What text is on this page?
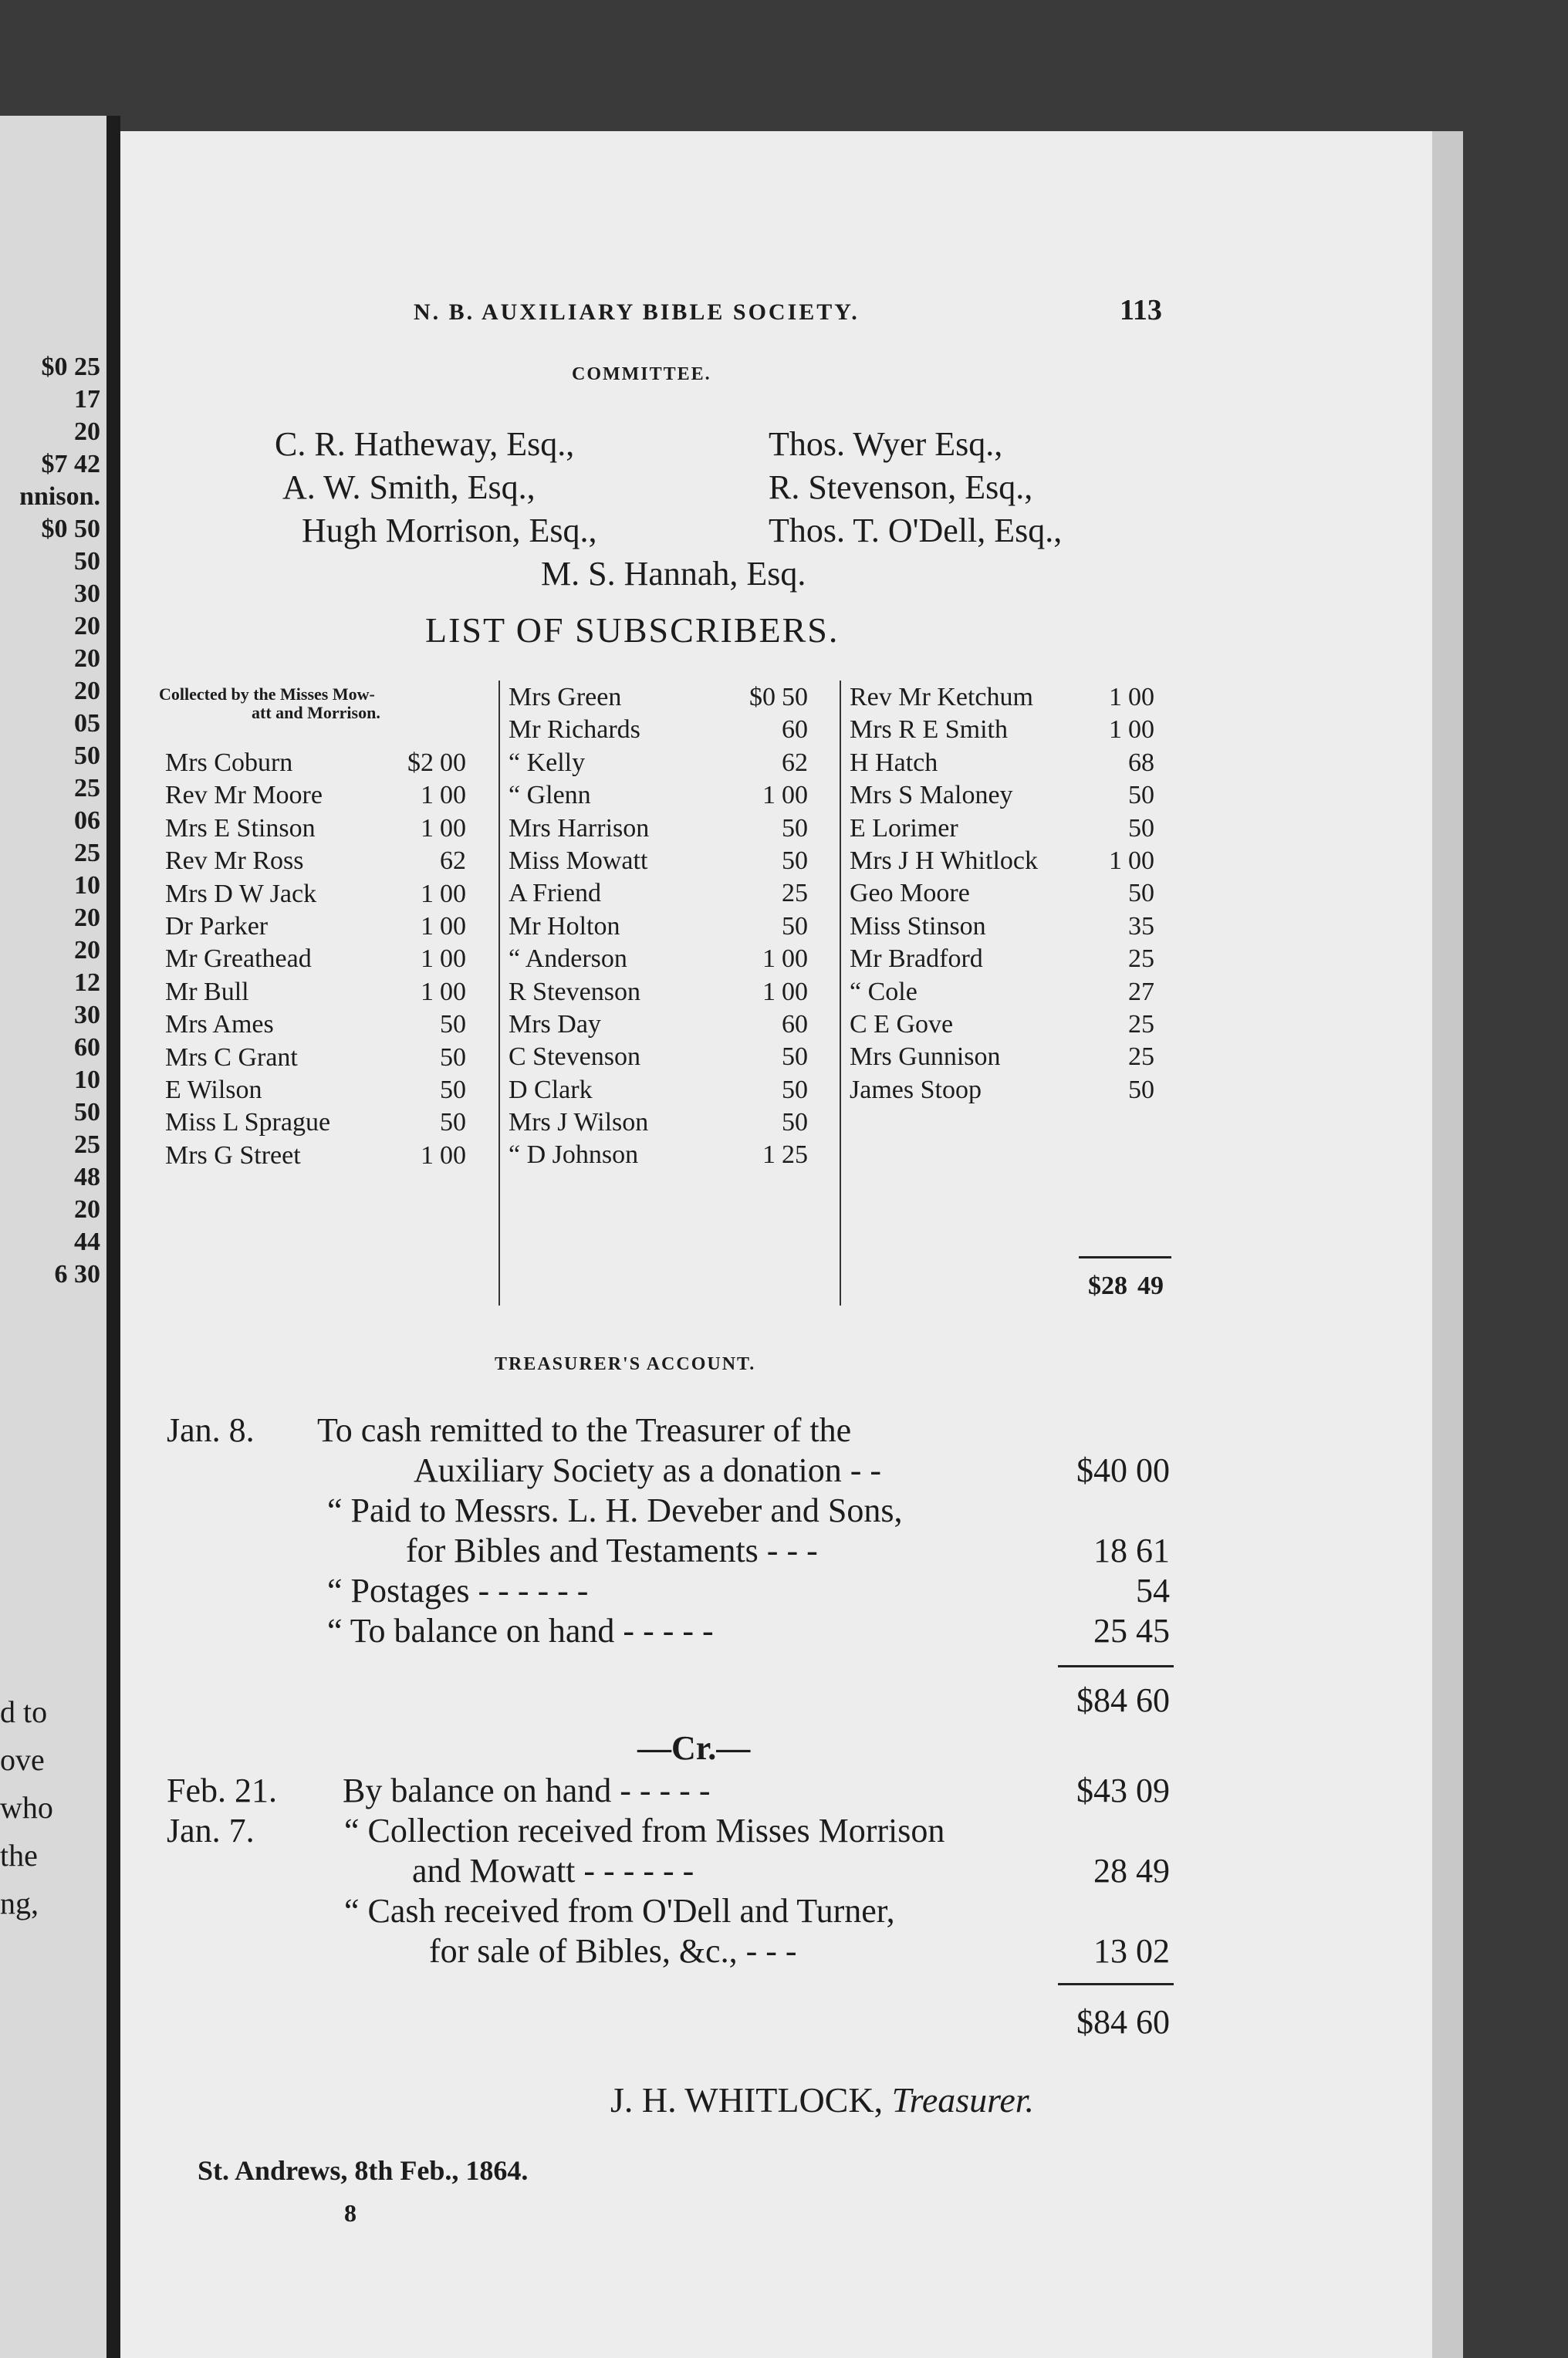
$0 25
17
20
$7 42
nnison.
$0 50
50
30
20
20
20
05
50
25
06
25
10
20
20
12
30
60
10
50
25
48
20
44
6 30
d to
ove
who
the
ng,
N. B. AUXILIARY BIBLE SOCIETY.	113
COMMITTEE.
C. R. Hatheway, Esq.,
A. W. Smith, Esq.,
Hugh Morrison, Esq.,
Thos. Wyer Esq.,
R. Stevenson, Esq.,
Thos. T. O'Dell, Esq.,
M. S. Hannah, Esq.
LIST OF SUBSCRIBERS.
Collected by the Misses Mow-
att and Morrison.
Mrs Coburn	$2 00
Rev Mr Moore	1 00
Mrs E Stinson	1 00
Rev Mr Ross	62
Mrs D W Jack	1 00
Dr Parker	1 00
Mr Greathead	1 00
Mr Bull	1 00
Mrs Ames	50
Mrs C Grant	50
E Wilson	50
Miss L Sprague	50
Mrs G Street	1 00
Mrs Green	$0 50
Mr Richards	60
“ Kelly	62
“ Glenn	1 00
Mrs Harrison	50
Miss Mowatt	50
A Friend	25
Mr Holton	50
“ Anderson	1 00
R Stevenson	1 00
Mrs Day	60
C Stevenson	50
D Clark	50
Mrs J Wilson	50
“ D Johnson	1 25
Rev Mr Ketchum	1 00
Mrs R E Smith	1 00
H Hatch	68
Mrs S Maloney	50
E Lorimer	50
Mrs J H Whitlock	1 00
Geo Moore	50
Miss Stinson	35
Mr Bradford	25
“ Cole	27
C E Gove	25
Mrs Gunnison	25
James Stoop	50
$28 49
TREASURER'S ACCOUNT.
Jan. 8. To cash remitted to the Treasurer of the
Auxiliary Society as a donation - -	$40 00
“ Paid to Messrs. L. H. Deveber and Sons,
for Bibles and Testaments - - -	18 61
“ Postages - - - - - -	54
“ To balance on hand - - - - -	25 45
Feb. 21. By balance on hand - - - - -	$43 09
Jan. 7.	“ Collection received from Misses Morrison
and Mowatt - - - - - -	28 49
“ Cash received from O'Dell and Turner,
for sale of Bibles, &c., - - -	13 02
$84 60
—Cr.—
$84 60
J. H. WHITLOCK, Treasurer.
St. Andrews, 8th Feb., 1864.
8
